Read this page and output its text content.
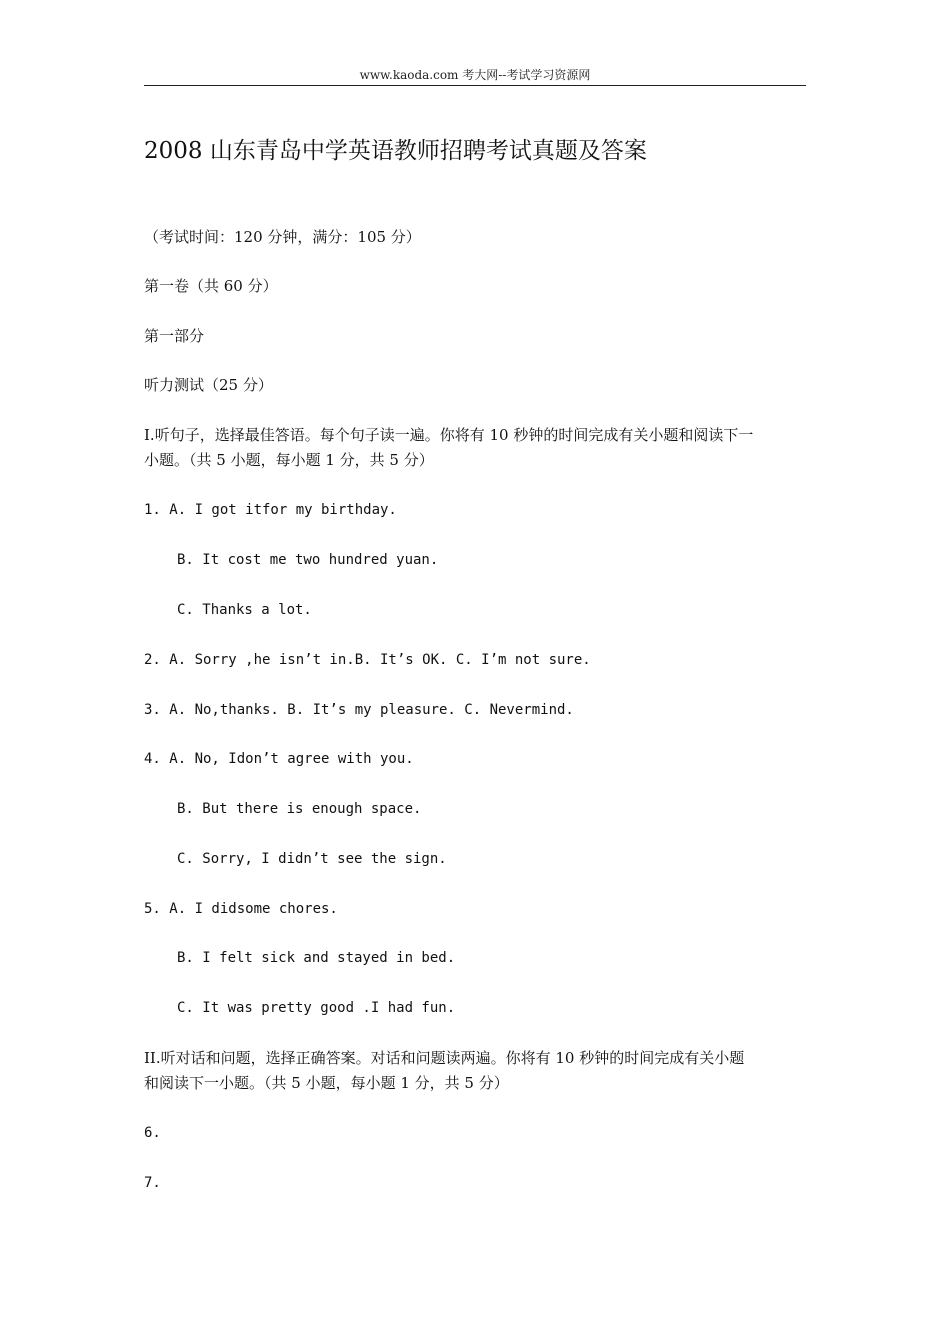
www.kaoda.com 考大网--考试学习资源网
2008 山东青岛中学英语教师招聘考试真题及答案
（考试时间：120 分钟，满分：105 分）
第一卷（共 60 分）
第一部分
听力测试（25 分）
I.听句子，选择最佳答语。每个句子读一遍。你将有 10 秒钟的时间完成有关小题和阅读下一
小题。（共 5 小题，每小题 1 分，共 5 分）
1. A. I got itfor my birthday.
B. It cost me two hundred yuan.
C. Thanks a lot.
2. A. Sorry ,he isn’t in.B. It’s OK. C. I’m not sure.
3. A. No,thanks. B. It’s my pleasure. C. Nevermind.
4. A. No, Idon’t agree with you.
B. But there is enough space.
C. Sorry, I didn’t see the sign.
5. A. I didsome chores.
B. I felt sick and stayed in bed.
C. It was pretty good .I had fun.
II.听对话和问题，选择正确答案。对话和问题读两遍。你将有 10 秒钟的时间完成有关小题
和阅读下一小题。（共 5 小题，每小题 1 分，共 5 分）
6.
7.
